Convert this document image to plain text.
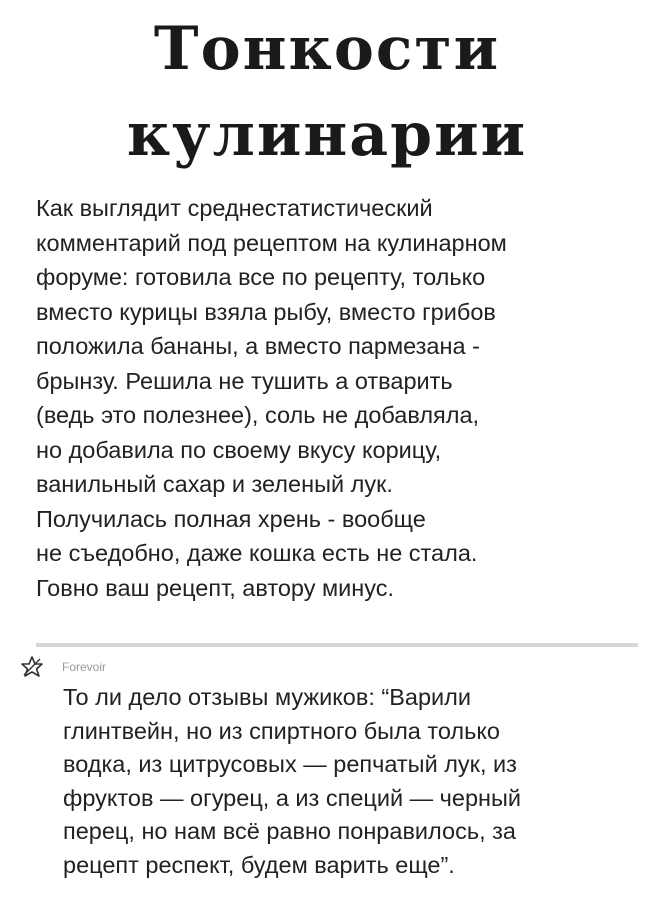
Тонкости
кулинарии
Как выглядит среднестатистический
комментарий под рецептом на кулинарном
форуме: готовила все по рецепту, только
вместо курицы взяла рыбу, вместо грибов
положила бананы, а вместо пармезана -
брынзу. Решила не тушить а отварить
(ведь это полезнее), соль не добавляла,
но добавила по своему вкусу корицу,
ванильный сахар и зеленый лук.
Получилась полная хрень - вообще
не съедобно, даже кошка есть не стала.
Говно ваш рецепт, автору минус.
Forevoir
То ли дело отзывы мужиков: “Варили
глинтвейн, но из спиртного была только
водка, из цитрусовых — репчатый лук, из
фруктов — огурец, а из специй — черный
перец, но нам всё равно понравилось, за
рецепт респект, будем варить еще”.
